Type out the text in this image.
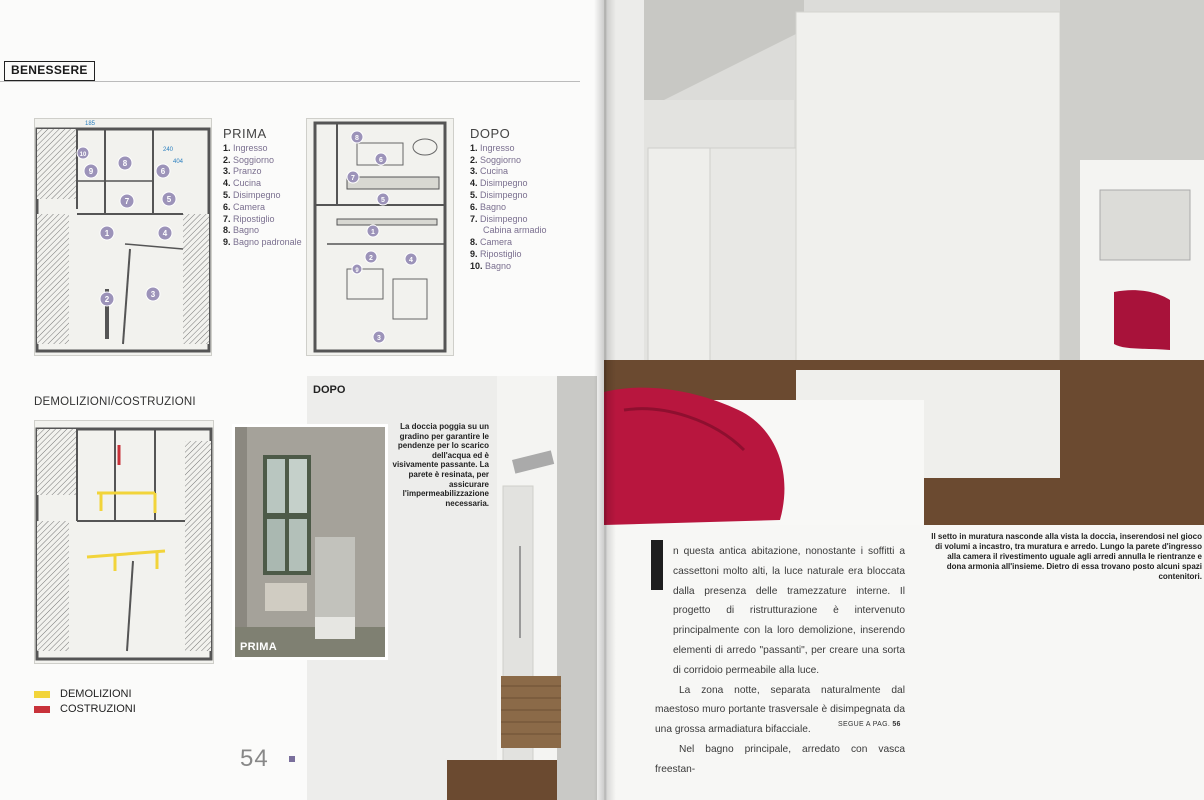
BENESSERE
1
2
3
4
5
6
7
8
9
10
185
240
404
PRIMA
1. Ingresso
2. Soggiorno
3. Pranzo
4. Cucina
5. Disimpegno
6. Camera
7. Ripostiglio
8. Bagno
9. Bagno padronale
1
2
3
4
5
6
7
8
9
DOPO
1. Ingresso
2. Soggiorno
3. Cucina
4. Disimpegno
5. Disimpegno
6. Bagno
7. Disimpegno
Cabina armadio
8. Camera
9. Ripostiglio
10. Bagno
DEMOLIZIONI/COSTRUZIONI
DEMOLIZIONI
COSTRUZIONI
DOPO
La doccia poggia su un gradino per garantire le pendenze per lo scarico dell'acqua ed è visivamente passante. La parete è resinata, per assicurare l'impermeabilizzazione necessaria.
PRIMA
54
Il setto in muratura nasconde alla vista la doccia, inserendosi nel gioco di volumi a incastro, tra muratura e arredo. Lungo la parete d'ingresso alla camera il rivestimento uguale agli arredi annulla le rientranze e dona armonia all'insieme. Dietro di essa trovano posto alcuni spazi contenitori.

n questa antica abitazione, nonostante i soffitti a cassettoni molto alti, la luce naturale era bloccata dalla presenza delle tramezzature interne. Il progetto di ristrutturazione è intervenuto principalmente con la loro demolizione, inserendo elementi di arredo "passanti", per creare una sorta di corridoio permeabile alla luce.

La zona notte, separata naturalmente dal maestoso muro portante trasversale è disimpegnata da una grossa armadiatura bifacciale.

Nel bagno principale, arredato con vasca freestan-

SEGUE A PAG. 56
